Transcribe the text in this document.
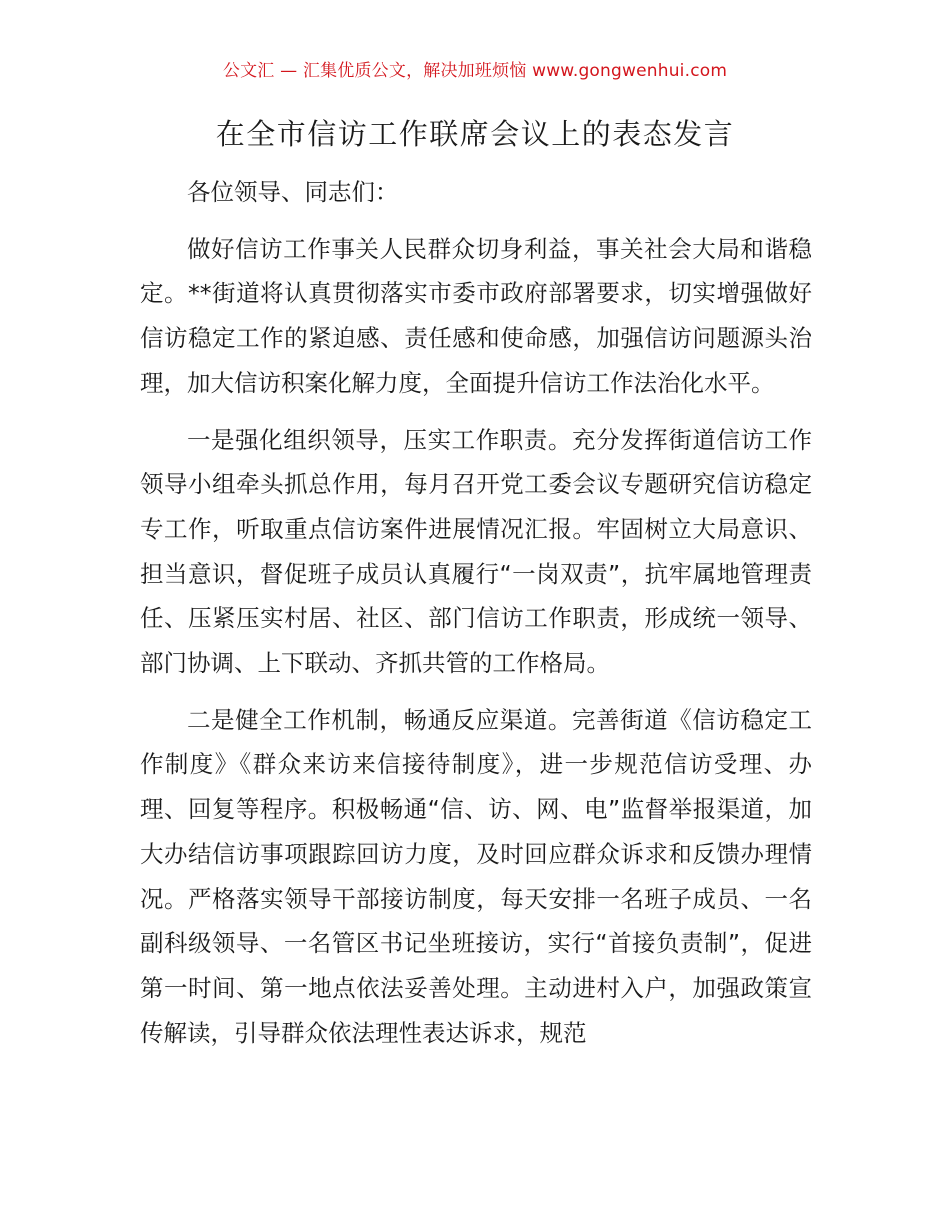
公文汇 — 汇集优质公文，解决加班烦恼 www.gongwenhui.com
在全市信访工作联席会议上的表态发言

各位领导、同志们：

做好信访工作事关人民群众切身利益，事关社会大局和谐稳定。**街道将认真贯彻落实市委市政府部署要求，切实增强做好信访稳定工作的紧迫感、责任感和使命感，加强信访问题源头治理，加大信访积案化解力度，全面提升信访工作法治化水平。

一是强化组织领导，压实工作职责。充分发挥街道信访工作领导小组牵头抓总作用，每月召开党工委会议专题研究信访稳定专工作，听取重点信访案件进展情况汇报。牢固树立大局意识、担当意识，督促班子成员认真履行“一岗双责”，抗牢属地管理责任、压紧压实村居、社区、部门信访工作职责，形成统一领导、部门协调、上下联动、齐抓共管的工作格局。

二是健全工作机制，畅通反应渠道。完善街道《信访稳定工作制度》《群众来访来信接待制度》，进一步规范信访受理、办理、回复等程序。积极畅通“信、访、网、电”监督举报渠道，加大办结信访事项跟踪回访力度，及时回应群众诉求和反馈办理情况。严格落实领导干部接访制度，每天安排一名班子成员、一名副科级领导、一名管区书记坐班接访，实行“首接负责制”，促进第一时间、第一地点依法妥善处理。主动进村入户，加强政策宣传解读，引导群众依法理性表达诉求，规范
